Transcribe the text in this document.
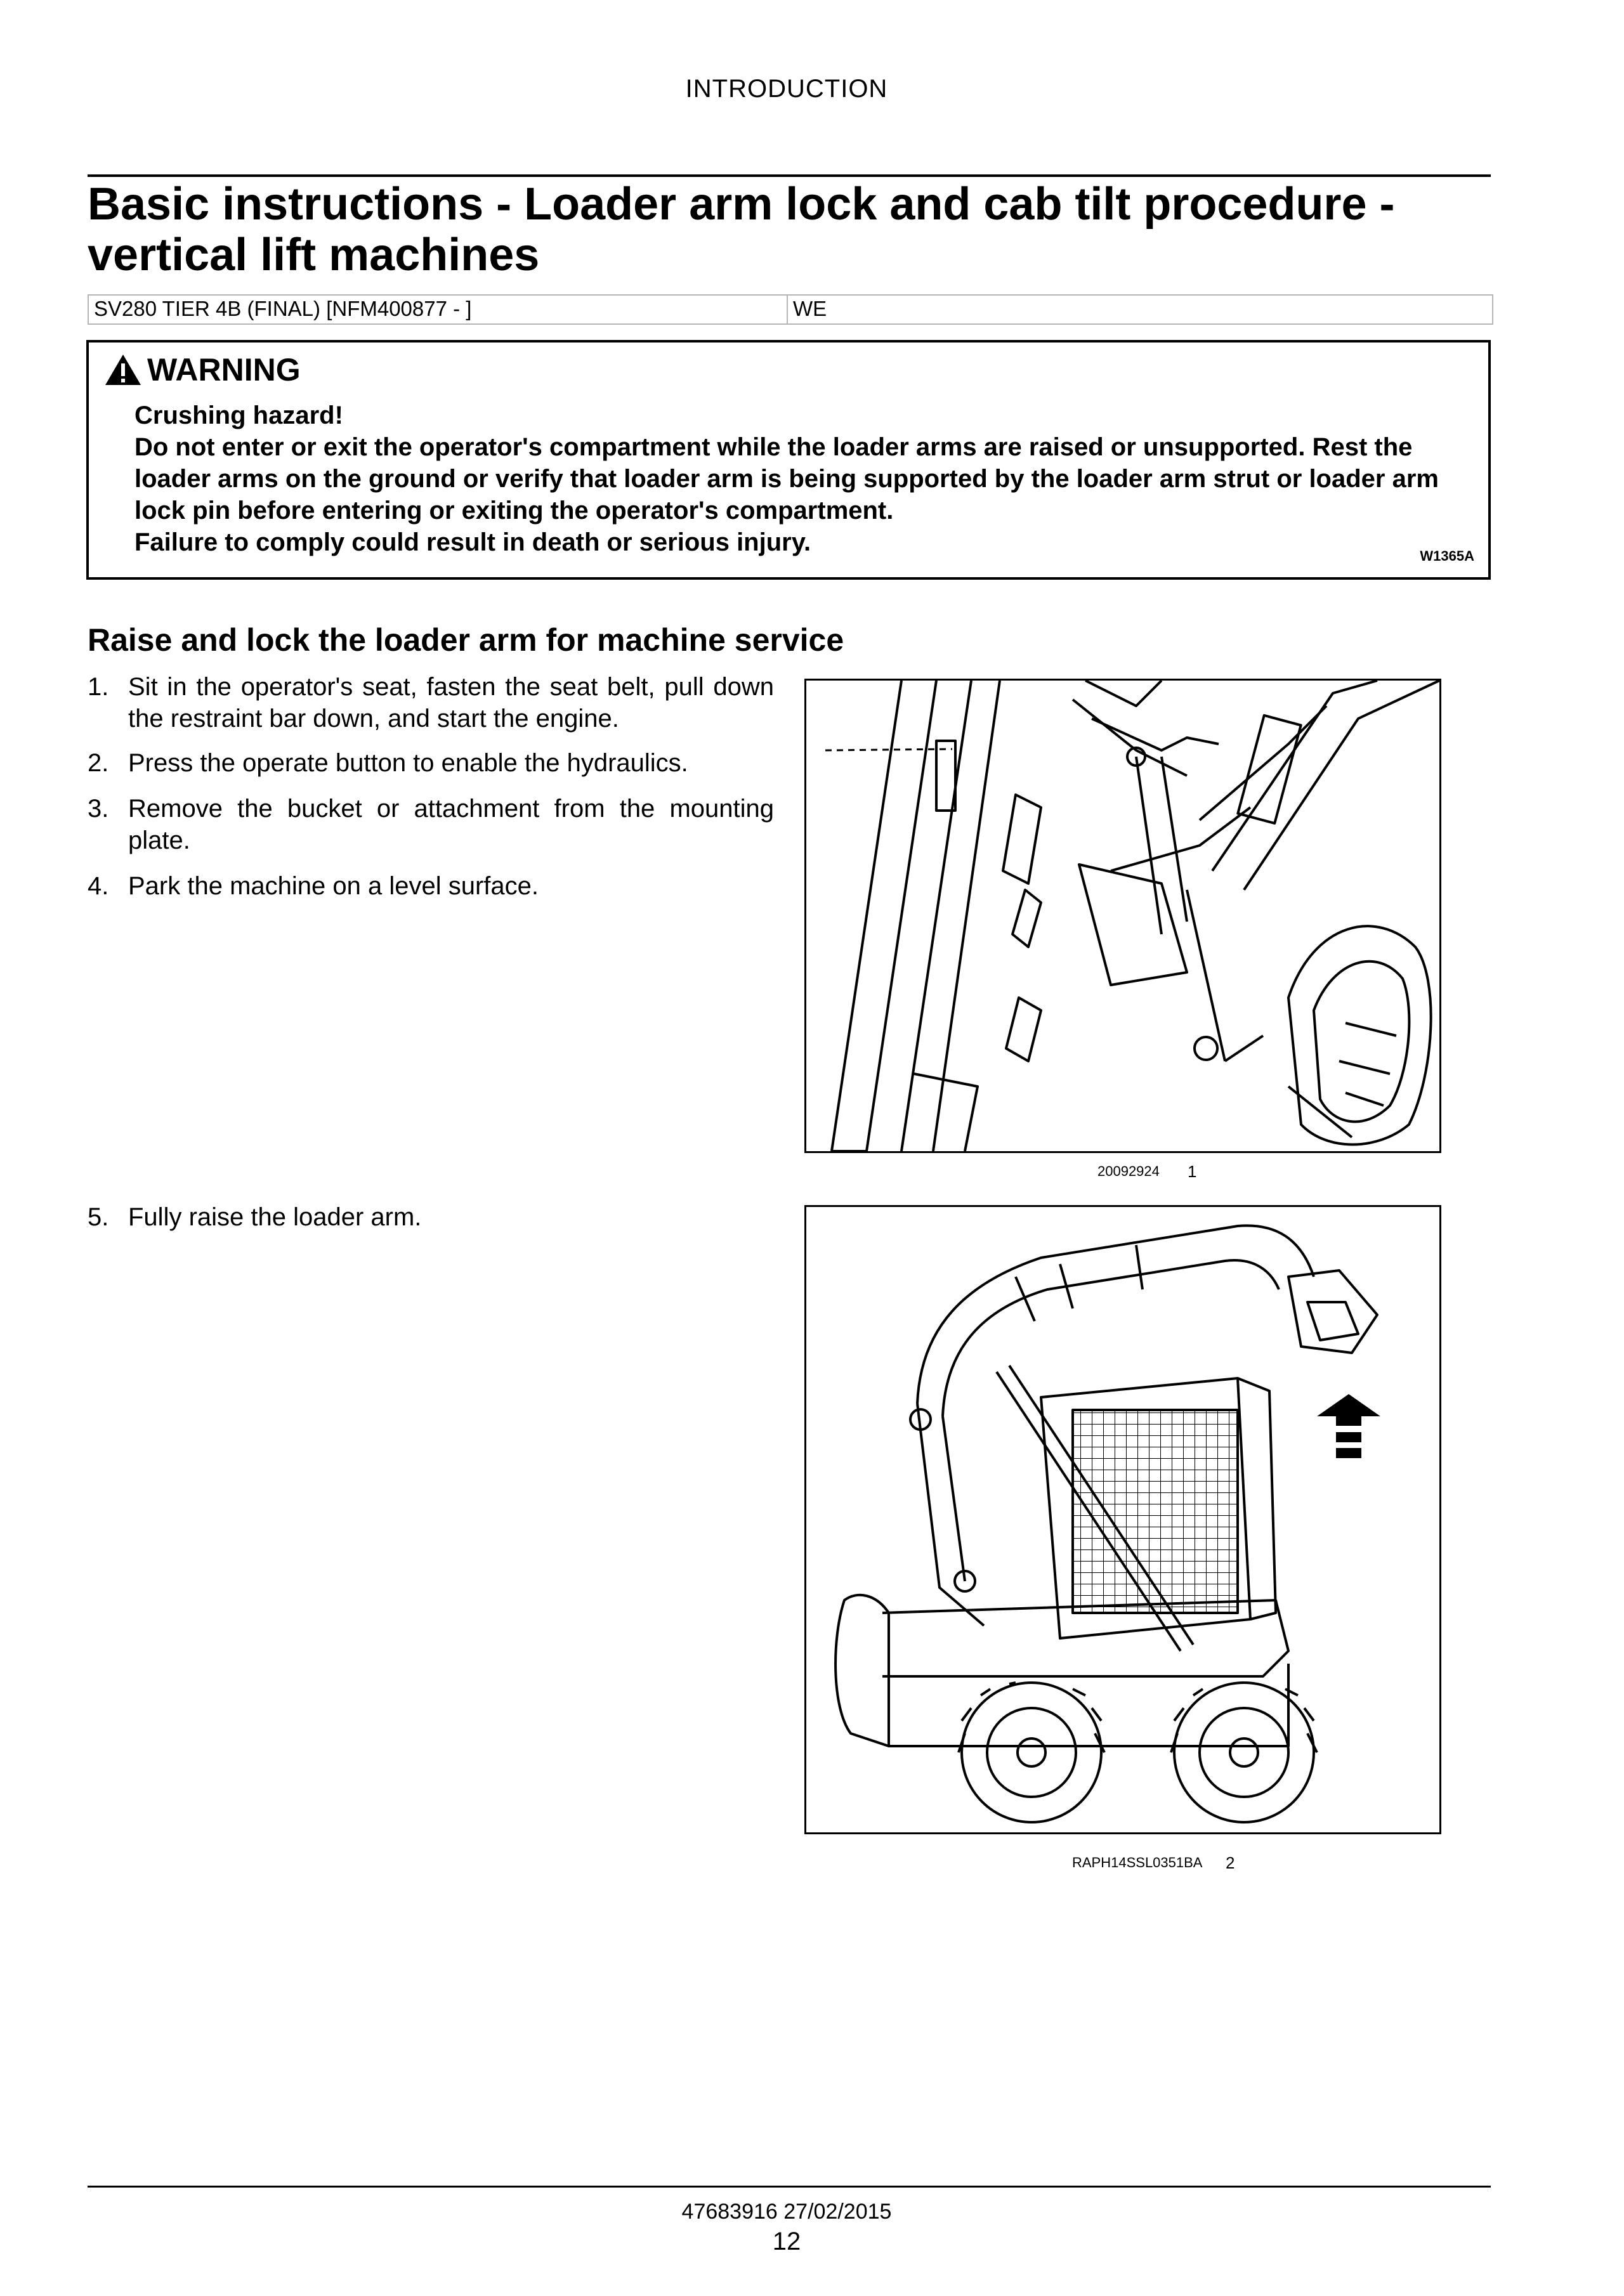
INTRODUCTION
Basic instructions - Loader arm lock and cab tilt procedure - vertical lift machines
SV280 TIER 4B (FINAL) [NFM400877 - ]	WE
WARNING
Crushing hazard!
Do not enter or exit the operator's compartment while the loader arms are raised or unsupported. Rest the loader arms on the ground or verify that loader arm is being supported by the loader arm strut or loader arm lock pin before entering or exiting the operator's compartment.
Failure to comply could result in death or serious injury.	W1365A
Raise and lock the loader arm for machine service
1. Sit in the operator's seat, fasten the seat belt, pull down the restraint bar down, and start the engine.
2. Press the operate button to enable the hydraulics.
3. Remove the bucket or attachment from the mounting plate.
4. Park the machine on a level surface.
5. Fully raise the loader arm.
20092924 1
RAPH14SSL0351BA 2
47683916 27/02/2015
12
